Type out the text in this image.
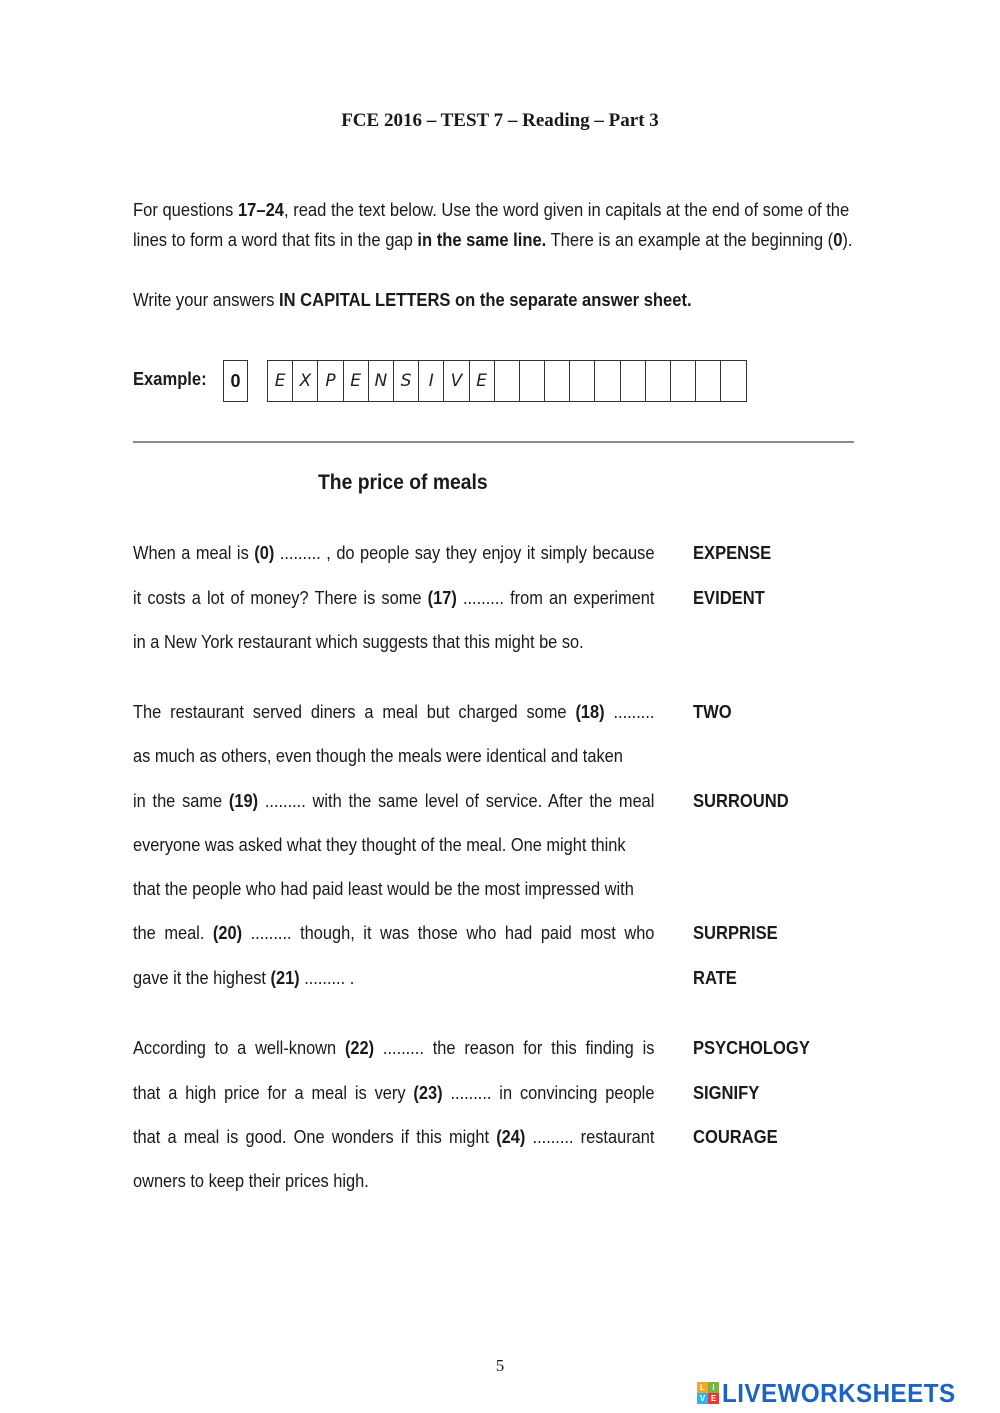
FCE 2016 – TEST 7 – Reading – Part 3
For questions 17–24, read the text below. Use the word given in capitals at the end of some of the
lines to form a word that fits in the gap in the same line. There is an example at the beginning (0).
Write your answers IN CAPITAL LETTERS on the separate answer sheet.
Example:	0	E X P E N S	I V E
The price of meals
When a meal is (0) ......... , do people say they enjoy it simply because EXPENSE
it costs a lot of money? There is some (17) ......... from an experiment EVIDENT
in a New York restaurant which suggests that this might be so.
The restaurant served diners a meal but charged some (18) ......... TWO
as much as others, even though the meals were identical and taken
in the same (19) ......... with the same level of service. After the meal SURROUND
everyone was asked what they thought of the meal. One might think
that the people who had paid least would be the most impressed with
the meal. (20) ......... though, it was those who had paid most who SURPRISE
gave it the highest (21) ......... .	RATE
According to a well-known (22) ......... the reason for this finding is PSYCHOLOGY
that a high price for a meal is very (23) ......... in convincing people SIGNIFY
that a meal is good. One wonders if this might (24) ......... restaurant COURAGE
owners to keep their prices high.
5
L I
V E LIVEWORKSHEETS
